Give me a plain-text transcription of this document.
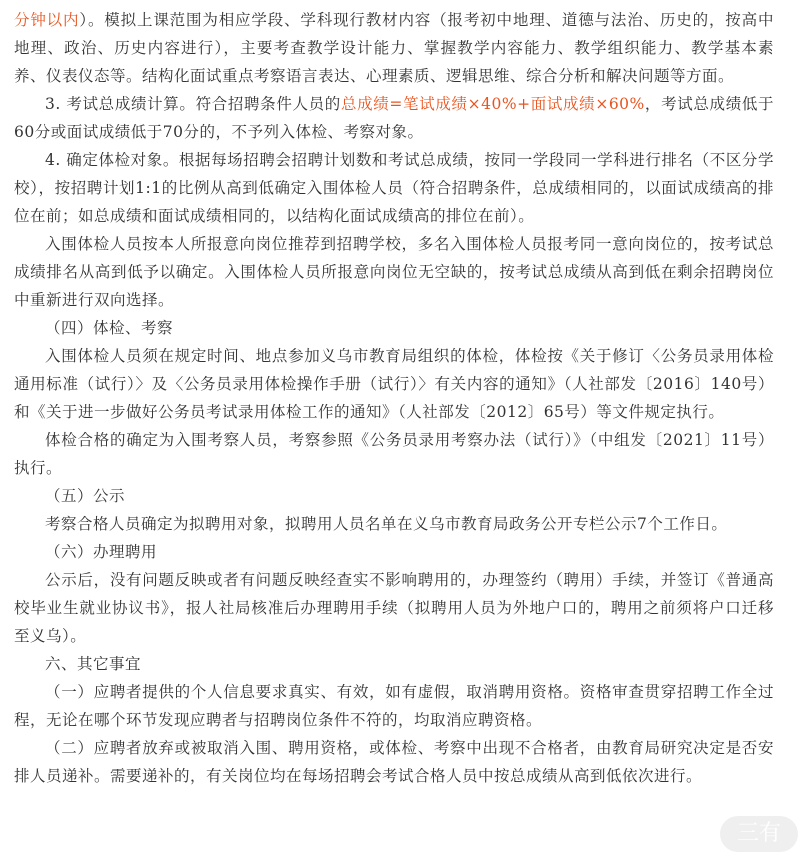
分钟以内）。模拟上课范围为相应学段、学科现行教材内容（报考初中地理、道德与法治、历史的，按高中地理、政治、历史内容进行），主要考查教学设计能力、掌握教学内容能力、教学组织能力、教学基本素养、仪表仪态等。结构化面试重点考察语言表达、心理素质、逻辑思维、综合分析和解决问题等方面。

3. 考试总成绩计算。符合招聘条件人员的总成绩=笔试成绩×40%+面试成绩×60%，考试总成绩低于60分或面试成绩低于70分的，不予列入体检、考察对象。

4. 确定体检对象。根据每场招聘会招聘计划数和考试总成绩，按同一学段同一学科进行排名（不区分学校），按招聘计划1:1的比例从高到低确定入围体检人员（符合招聘条件，总成绩相同的，以面试成绩高的排位在前；如总成绩和面试成绩相同的，以结构化面试成绩高的排位在前）。

入围体检人员按本人所报意向岗位推荐到招聘学校，多名入围体检人员报考同一意向岗位的，按考试总成绩排名从高到低予以确定。入围体检人员所报意向岗位无空缺的，按考试总成绩从高到低在剩余招聘岗位中重新进行双向选择。

（四）体检、考察

入围体检人员须在规定时间、地点参加义乌市教育局组织的体检，体检按《关于修订〈公务员录用体检通用标准（试行）〉及〈公务员录用体检操作手册（试行）〉有关内容的通知》（人社部发〔2016〕140号）和《关于进一步做好公务员考试录用体检工作的通知》（人社部发〔2012〕65号）等文件规定执行。

体检合格的确定为入围考察人员，考察参照《公务员录用考察办法（试行）》（中组发〔2021〕11号）执行。

（五）公示

考察合格人员确定为拟聘用对象，拟聘用人员名单在义乌市教育局政务公开专栏公示7个工作日。

（六）办理聘用

公示后，没有问题反映或者有问题反映经查实不影响聘用的，办理签约（聘用）手续，并签订《普通高校毕业生就业协议书》，报人社局核准后办理聘用手续（拟聘用人员为外地户口的，聘用之前须将户口迁移至义乌）。

六、其它事宜

（一）应聘者提供的个人信息要求真实、有效，如有虚假，取消聘用资格。资格审查贯穿招聘工作全过程，无论在哪个环节发现应聘者与招聘岗位条件不符的，均取消应聘资格。

（二）应聘者放弃或被取消入围、聘用资格，或体检、考察中出现不合格者，由教育局研究决定是否安排人员递补。需要递补的，有关岗位均在每场招聘会考试合格人员中按总成绩从高到低依次进行。

三有
